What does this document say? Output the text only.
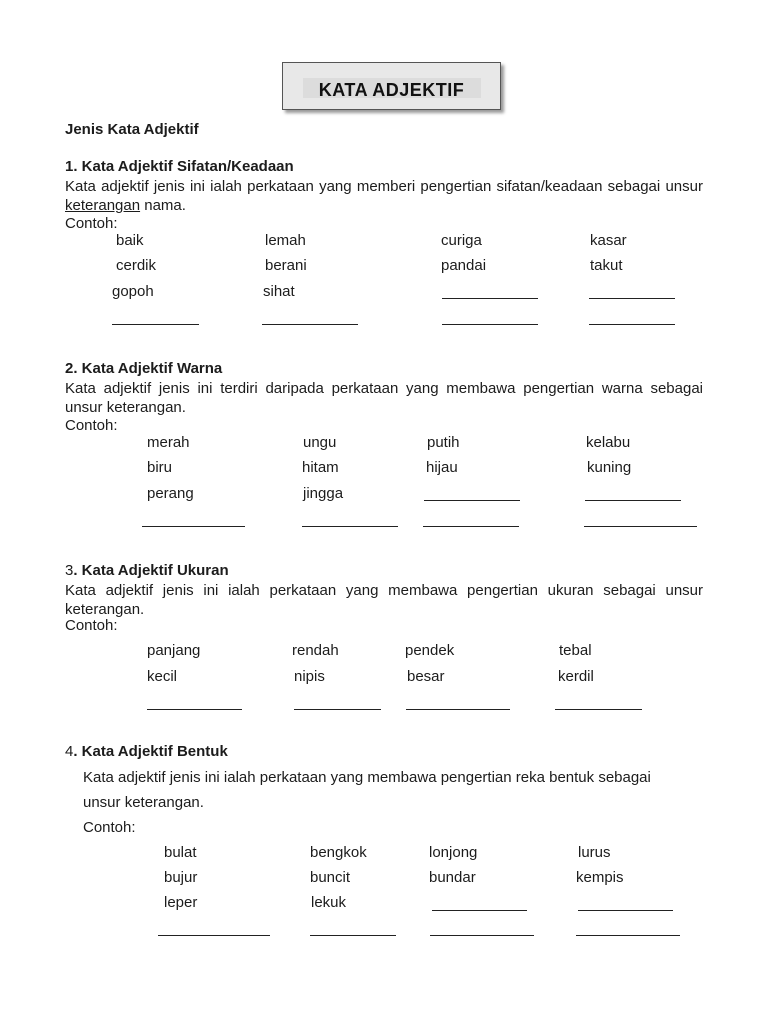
KATA ADJEKTIF
Jenis Kata Adjektif
1. Kata Adjektif Sifatan/Keadaan
Kata adjektif jenis ini ialah perkataan yang memberi pengertian sifatan/keadaan sebagai unsur keterangan nama.
Contoh:
baik	lemah	curiga	kasar
cerdik	berani	pandai	takut
gopoh	sihat
2. Kata Adjektif Warna
Kata adjektif jenis ini terdiri daripada perkataan yang membawa pengertian warna sebagai unsur keterangan.
Contoh:
merah	ungu	putih	kelabu
biru	hitam	hijau	kuning
perang	jingga
3. Kata Adjektif Ukuran
Kata adjektif jenis ini ialah perkataan yang membawa pengertian ukuran sebagai unsur keterangan.
Contoh:
panjang	rendah	pendek	tebal
kecil	nipis	besar	kerdil
4. Kata Adjektif Bentuk
Kata adjektif jenis ini ialah perkataan yang membawa pengertian reka bentuk sebagai
unsur keterangan.
Contoh:
bulat	bengkok	lonjong	lurus
bujur	buncit	bundar	kempis
leper	lekuk
